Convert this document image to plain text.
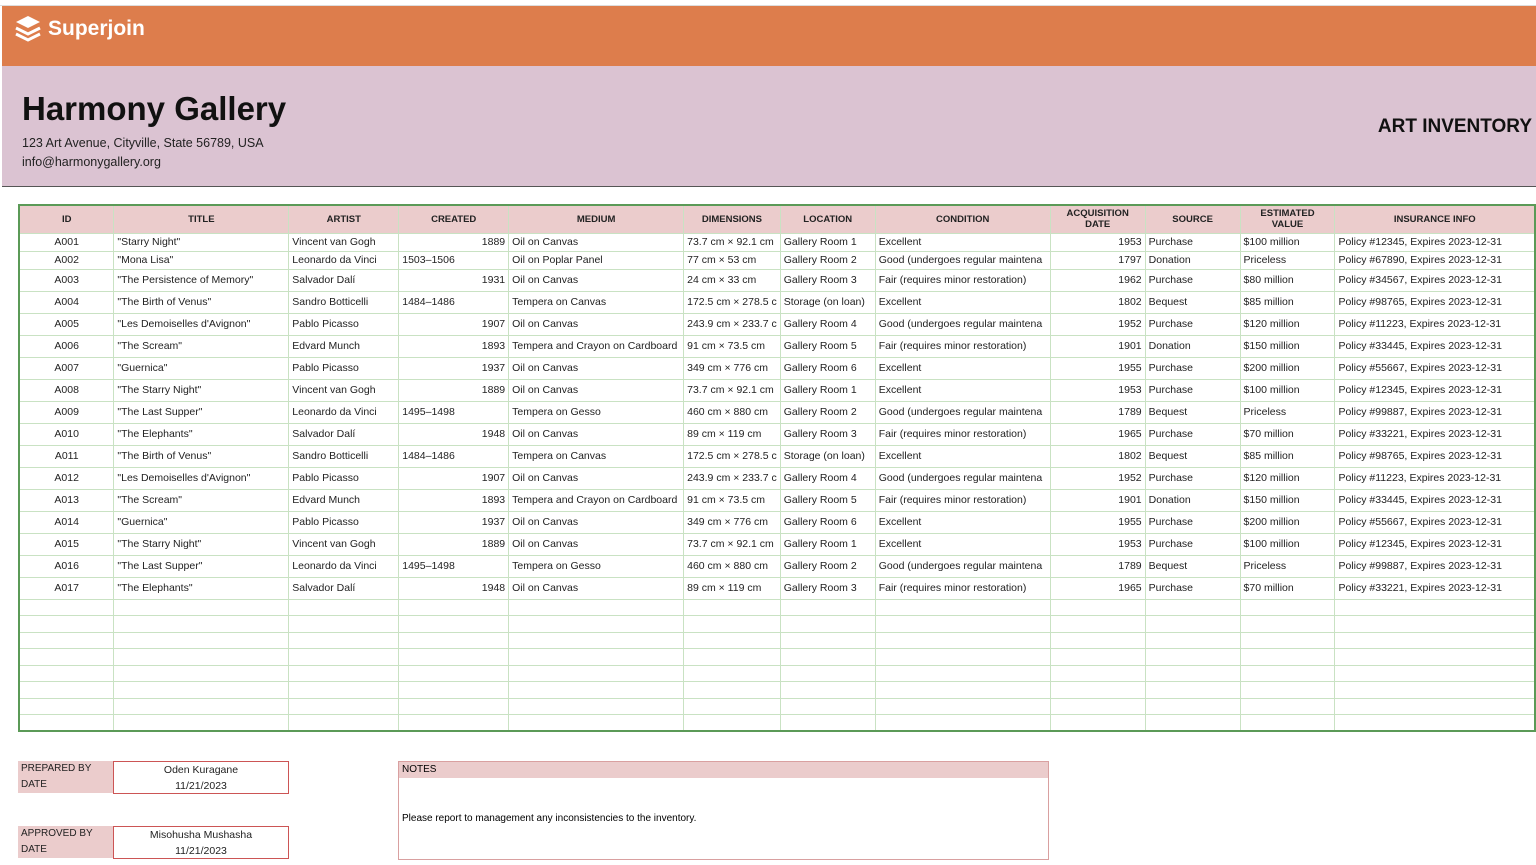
Superjoin
Harmony Gallery
123 Art Avenue, Cityville, State 56789, USA
info@harmonygallery.org
ART INVENTORY
ID	TITLE	ARTIST	CREATED	MEDIUM	DIMENSIONS	LOCATION	CONDITION	ACQUISITION DATE	SOURCE	ESTIMATED VALUE	INSURANCE INFO
A001	"Starry Night"	Vincent van Gogh	1889	Oil on Canvas	73.7 cm × 92.1 cm	Gallery Room 1	Excellent	1953	Purchase	$100 million	Policy #12345, Expires 2023-12-31
A002	"Mona Lisa"	Leonardo da Vinci	1503–1506	Oil on Poplar Panel	77 cm × 53 cm	Gallery Room 2	Good (undergoes regular maintena	1797	Donation	Priceless	Policy #67890, Expires 2023-12-31
A003	"The Persistence of Memory"	Salvador Dalí	1931	Oil on Canvas	24 cm × 33 cm	Gallery Room 3	Fair (requires minor restoration)	1962	Purchase	$80 million	Policy #34567, Expires 2023-12-31
A004	"The Birth of Venus"	Sandro Botticelli	1484–1486	Tempera on Canvas	172.5 cm × 278.5 c	Storage (on loan)	Excellent	1802	Bequest	$85 million	Policy #98765, Expires 2023-12-31
A005	"Les Demoiselles d'Avignon"	Pablo Picasso	1907	Oil on Canvas	243.9 cm × 233.7 c	Gallery Room 4	Good (undergoes regular maintena	1952	Purchase	$120 million	Policy #11223, Expires 2023-12-31
A006	"The Scream"	Edvard Munch	1893	Tempera and Crayon on Cardboard	91 cm × 73.5 cm	Gallery Room 5	Fair (requires minor restoration)	1901	Donation	$150 million	Policy #33445, Expires 2023-12-31
A007	"Guernica"	Pablo Picasso	1937	Oil on Canvas	349 cm × 776 cm	Gallery Room 6	Excellent	1955	Purchase	$200 million	Policy #55667, Expires 2023-12-31
A008	"The Starry Night"	Vincent van Gogh	1889	Oil on Canvas	73.7 cm × 92.1 cm	Gallery Room 1	Excellent	1953	Purchase	$100 million	Policy #12345, Expires 2023-12-31
A009	"The Last Supper"	Leonardo da Vinci	1495–1498	Tempera on Gesso	460 cm × 880 cm	Gallery Room 2	Good (undergoes regular maintena	1789	Bequest	Priceless	Policy #99887, Expires 2023-12-31
A010	"The Elephants"	Salvador Dalí	1948	Oil on Canvas	89 cm × 119 cm	Gallery Room 3	Fair (requires minor restoration)	1965	Purchase	$70 million	Policy #33221, Expires 2023-12-31
A011	"The Birth of Venus"	Sandro Botticelli	1484–1486	Tempera on Canvas	172.5 cm × 278.5 c	Storage (on loan)	Excellent	1802	Bequest	$85 million	Policy #98765, Expires 2023-12-31
A012	"Les Demoiselles d'Avignon"	Pablo Picasso	1907	Oil on Canvas	243.9 cm × 233.7 c	Gallery Room 4	Good (undergoes regular maintena	1952	Purchase	$120 million	Policy #11223, Expires 2023-12-31
A013	"The Scream"	Edvard Munch	1893	Tempera and Crayon on Cardboard	91 cm × 73.5 cm	Gallery Room 5	Fair (requires minor restoration)	1901	Donation	$150 million	Policy #33445, Expires 2023-12-31
A014	"Guernica"	Pablo Picasso	1937	Oil on Canvas	349 cm × 776 cm	Gallery Room 6	Excellent	1955	Purchase	$200 million	Policy #55667, Expires 2023-12-31
A015	"The Starry Night"	Vincent van Gogh	1889	Oil on Canvas	73.7 cm × 92.1 cm	Gallery Room 1	Excellent	1953	Purchase	$100 million	Policy #12345, Expires 2023-12-31
A016	"The Last Supper"	Leonardo da Vinci	1495–1498	Tempera on Gesso	460 cm × 880 cm	Gallery Room 2	Good (undergoes regular maintena	1789	Bequest	Priceless	Policy #99887, Expires 2023-12-31
A017	"The Elephants"	Salvador Dalí	1948	Oil on Canvas	89 cm × 119 cm	Gallery Room 3	Fair (requires minor restoration)	1965	Purchase	$70 million	Policy #33221, Expires 2023-12-31

PREPARED BY
DATE
Oden Kuragane
11/21/2023
APPROVED BY
DATE
Misohusha Mushasha
11/21/2023
NOTES
Please report to management any inconsistencies to the inventory.
